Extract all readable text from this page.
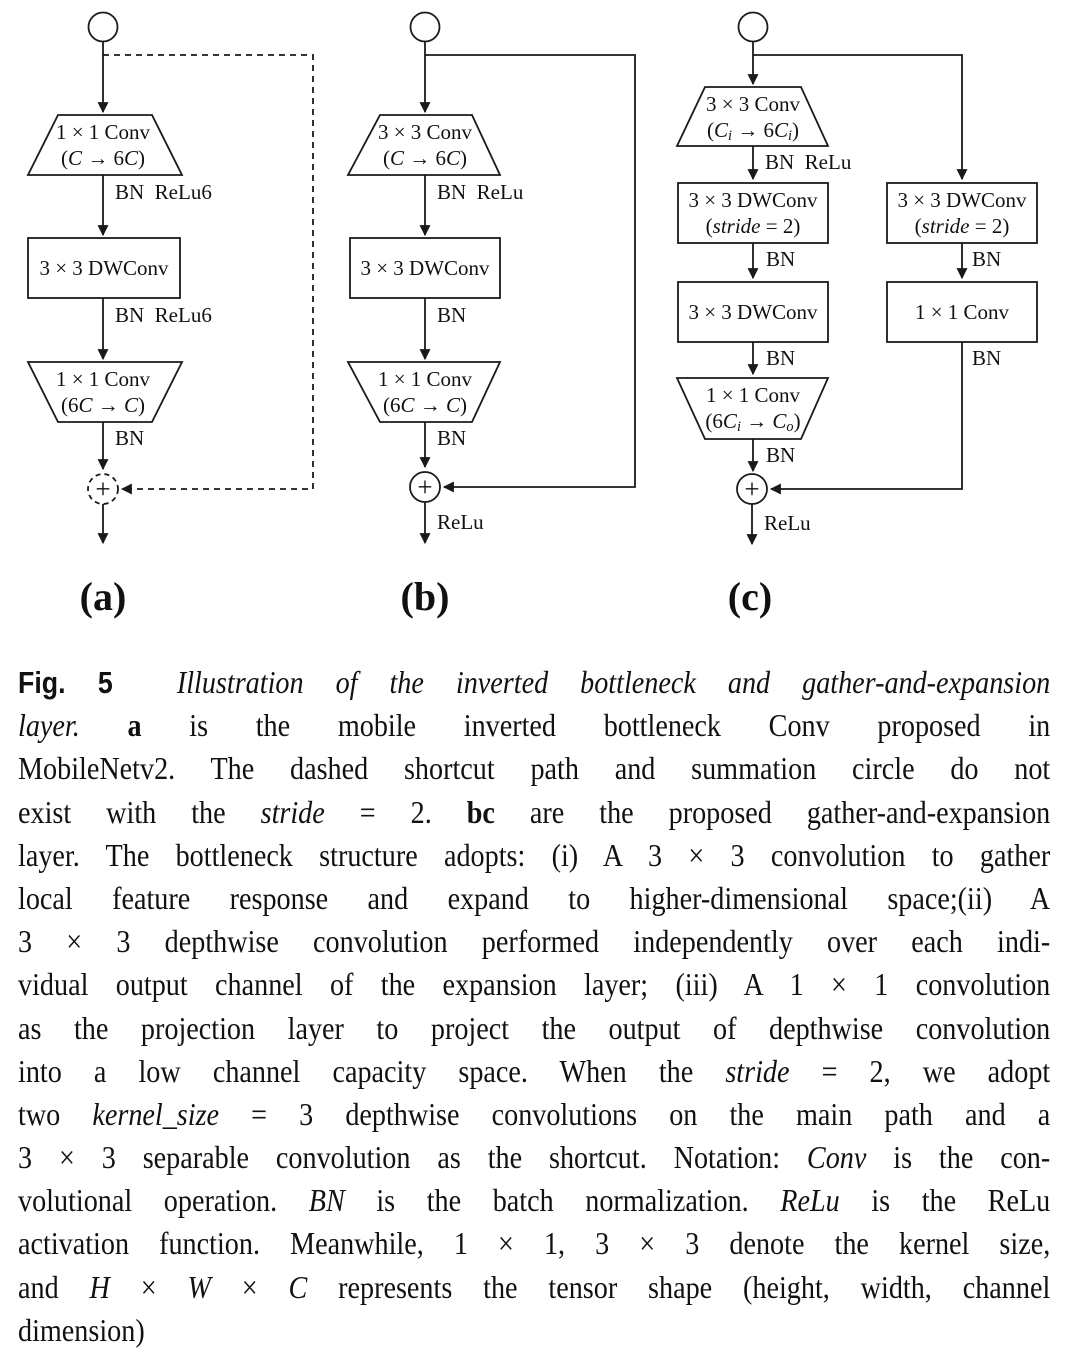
1 × 1 Conv
(C → 6C)
BN  ReLu6
3 × 3 DWConv
BN  ReLu6
1 × 1 Conv
(6C → C)
BN
+
(a)
3 × 3 Conv
(C → 6C)
BN  ReLu
3 × 3 DWConv
BN
1 × 1 Conv
(6C → C)
BN
+
ReLu
(b)
3 × 3 Conv
(Ci → 6Ci)
BN  ReLu
3 × 3 DWConv
(stride = 2)
BN
3 × 3 DWConv
BN
1 × 1 Conv
(6Ci → Co)
BN
+
ReLu
(c)
3 × 3 DWConv
(stride = 2)
BN
1 × 1 Conv
BN
Fig. 5 Illustration of the inverted bottleneck and gather-and-expansion
layer. a is the mobile inverted bottleneck Conv proposed in
MobileNetv2. The dashed shortcut path and summation circle do not
exist with the stride = 2. bc are the proposed gather-and-expansion
layer. The bottleneck structure adopts: (i) A 3 × 3 convolution to gather
local feature response and expand to higher-dimensional space;(ii) A
3 × 3 depthwise convolution performed independently over each indi-
vidual output channel of the expansion layer; (iii) A 1 × 1 convolution
as the projection layer to project the output of depthwise convolution
into a low channel capacity space. When the stride = 2, we adopt
two kernel_size = 3 depthwise convolutions on the main path and a
3 × 3 separable convolution as the shortcut. Notation: Conv is the con-
volutional operation. BN is the batch normalization. ReLu is the ReLu
activation function. Meanwhile, 1 × 1, 3 × 3 denote the kernel size,
and H × W × C represents the tensor shape (height, width, channel
dimension)
